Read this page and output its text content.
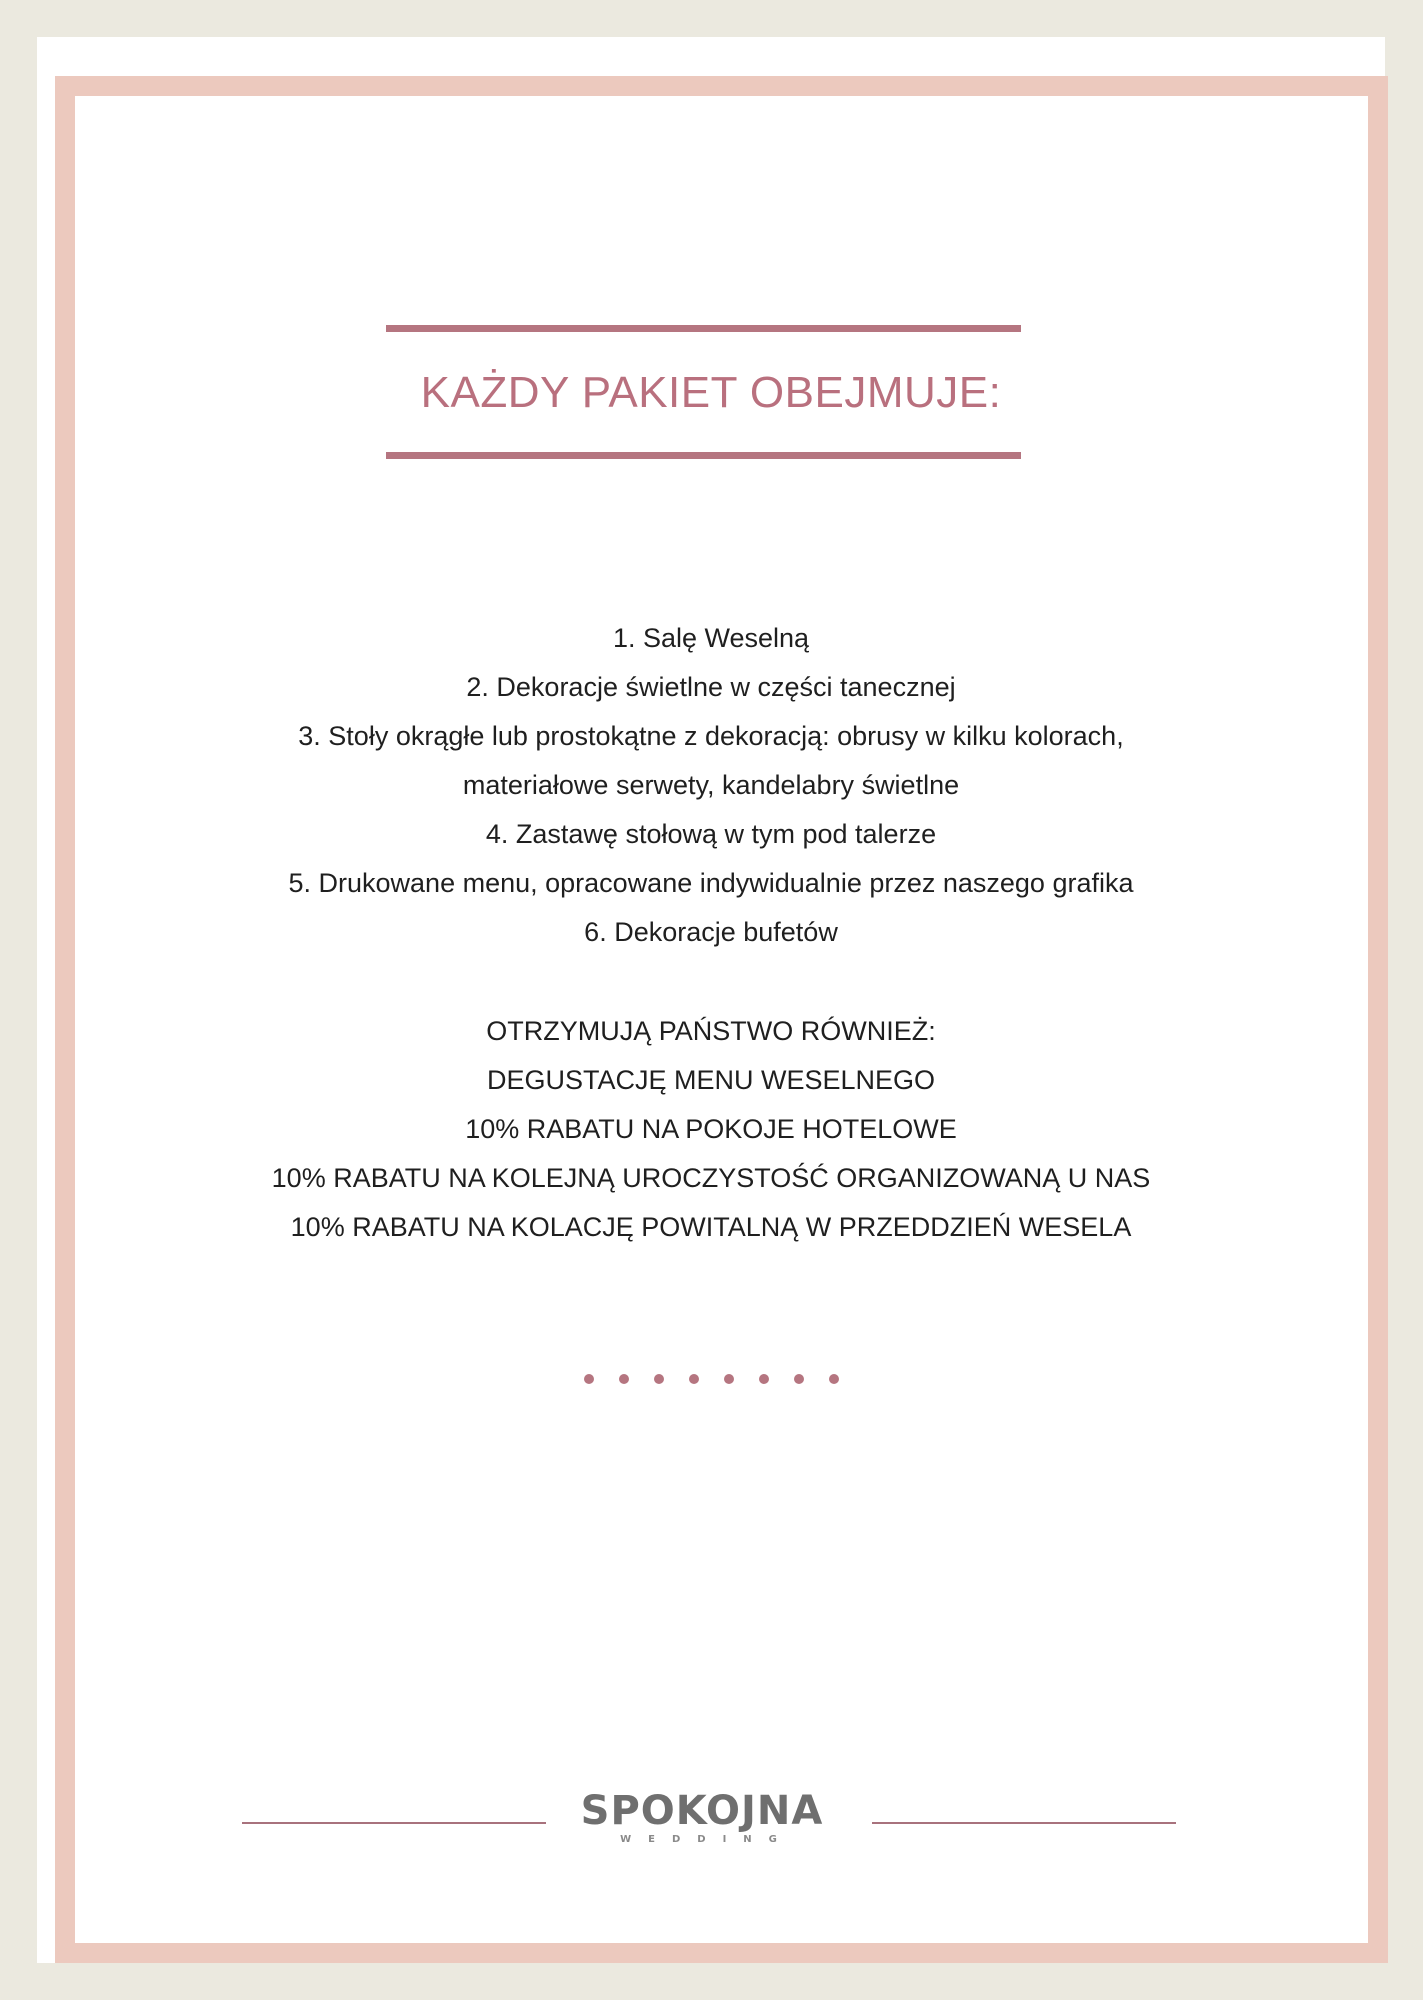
KAŻDY PAKIET OBEJMUJE:
1. Salę Weselną
2. Dekoracje świetlne w części tanecznej
3. Stoły okrągłe lub prostokątne z dekoracją: obrusy w kilku kolorach,
materiałowe serwety, kandelabry świetlne
4. Zastawę stołową w tym pod talerze
5. Drukowane menu, opracowane indywidualnie przez naszego grafika
6. Dekoracje bufetów
OTRZYMUJĄ PAŃSTWO RÓWNIEŻ:
DEGUSTACJĘ MENU WESELNEGO
10% RABATU NA POKOJE HOTELOWE
10% RABATU NA KOLEJNĄ UROCZYSTOŚĆ ORGANIZOWANĄ U NAS
10% RABATU NA KOLACJĘ POWITALNĄ W PRZEDDZIEŃ WESELA
SPOKOJNA
WEDDING
